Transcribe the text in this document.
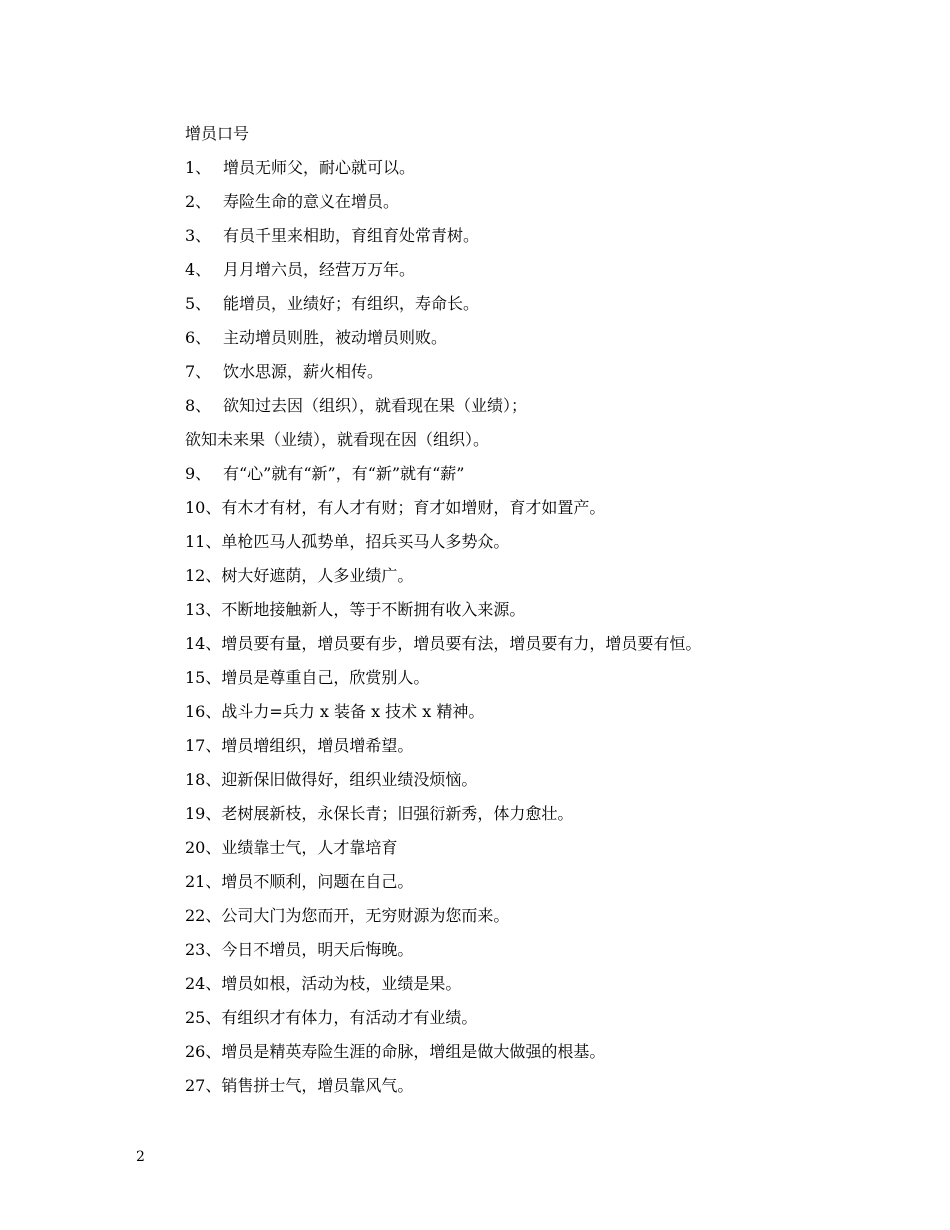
增员口号
1、 增员无师父，耐心就可以。
2、 寿险生命的意义在增员。
3、 有员千里来相助，育组育处常青树。
4、 月月增六员，经营万万年。
5、 能增员，业绩好；有组织，寿命长。
6、 主动增员则胜，被动增员则败。
7、 饮水思源，薪火相传。
8、 欲知过去因（组织），就看现在果（业绩）；
欲知未来果（业绩），就看现在因（组织）。
9、 有“心”就有“新”，有“新”就有“薪”
10、有木才有材，有人才有财；育才如增财，育才如置产。
11、单枪匹马人孤势单，招兵买马人多势众。
12、树大好遮荫，人多业绩广。
13、不断地接触新人，等于不断拥有收入来源。
14、增员要有量，增员要有步，增员要有法，增员要有力，增员要有恒。
15、增员是尊重自己，欣赏别人。
16、战斗力=兵力 x 装备 x 技术 x 精神。
17、增员增组织，增员增希望。
18、迎新保旧做得好，组织业绩没烦恼。
19、老树展新枝，永保长青；旧强衍新秀，体力愈壮。
20、业绩靠士气，人才靠培育
21、增员不顺利，问题在自己。
22、公司大门为您而开，无穷财源为您而来。
23、今日不增员，明天后悔晚。
24、增员如根，活动为枝，业绩是果。
25、有组织才有体力，有活动才有业绩。
26、增员是精英寿险生涯的命脉，增组是做大做强的根基。
27、销售拼士气，增员靠风气。
2
